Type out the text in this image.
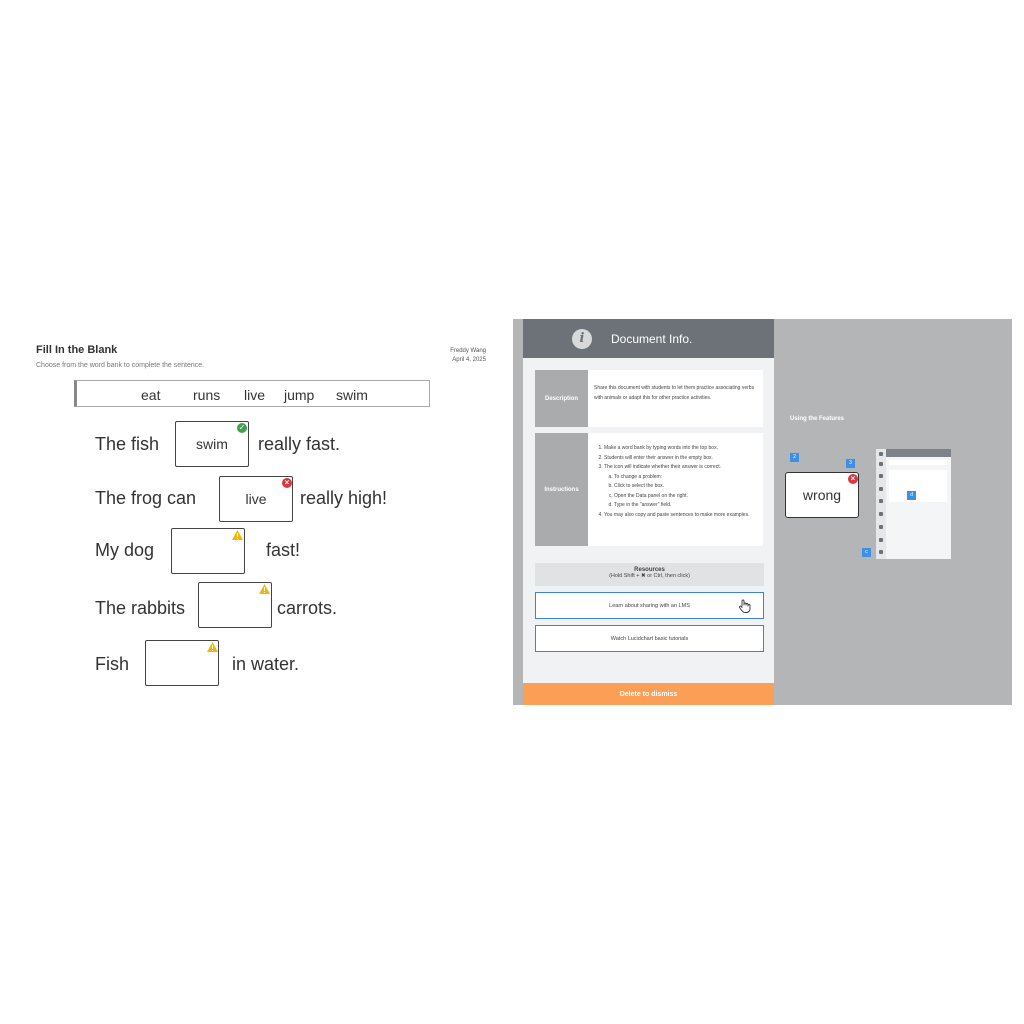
Fill In the Blank
Choose from the word bank to complete the sentence.
Freddy Wang
April 4, 2025
eat runs live jump swim
The fish	swim
✓
really fast.
The frog can	live
×
really high!
My dog	fast!
The rabbits	carrots.
Fish	in water.
i	Document Info.
Description
Share this document with students to let them practice associating verbs with animals or adapt this for other practice activities.
Instructions
1. Make a word bank by typing words into the top box.
2. Students will enter their answer in the empty box.
3. The icon will indicate whether their answer is correct.
a. To change a problem:
b. Click to select the box.
c. Open the Data panel on the right.
d. Type in the "answer" field.
4. You may also copy and paste sentences to make more examples.
Resources
(Hold Shift + ✖ or Ctrl, then click)
Learn about sharing with an LMS
Watch Lucidchart basic tutorials
Delete to dismiss
Using the Features
2
3
wrong
×
d
c
